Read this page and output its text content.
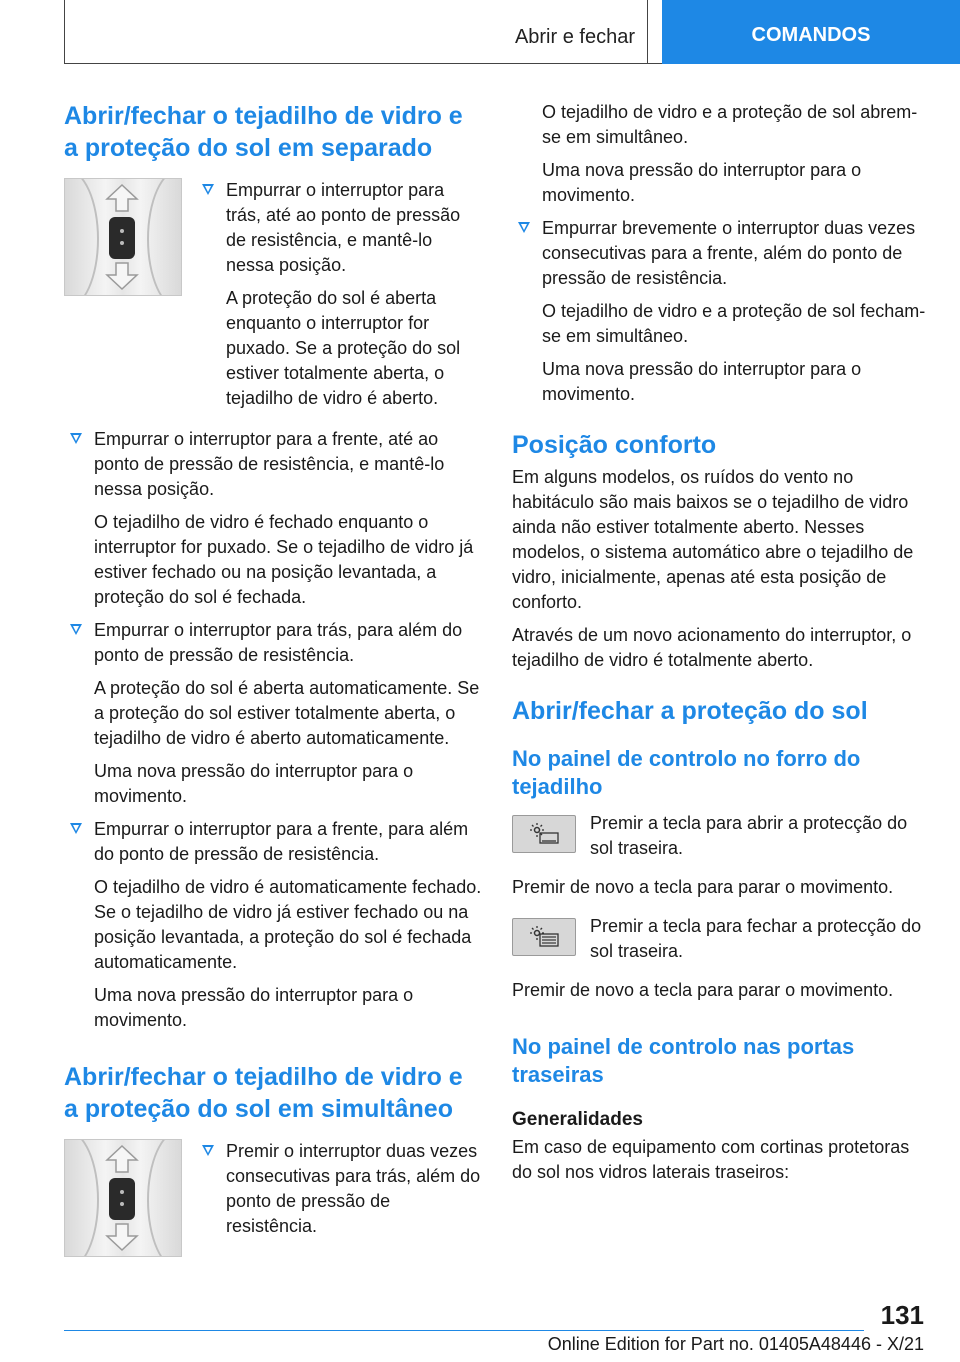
Abrir e fechar	COMANDOS
Abrir/fechar o tejadilho de vidro e a proteção do sol em separado

Empurrar o interruptor para trás, até ao ponto de pressão de resistência, e mantê-lo nessa posição.

A proteção do sol é aberta enquanto o interruptor for puxado. Se a proteção do sol estiver totalmente aberta, o tejadilho de vidro é aberto.

Empurrar o interruptor para a frente, até ao ponto de pressão de resistência, e mantê-lo nessa posição.

O tejadilho de vidro é fechado enquanto o interruptor for puxado. Se o tejadilho de vidro já estiver fechado ou na posição levantada, a proteção do sol é fechada.

Empurrar o interruptor para trás, para além do ponto de pressão de resistência.

A proteção do sol é aberta automaticamente. Se a proteção do sol estiver totalmente aberta, o tejadilho de vidro é aberto automaticamente.

Uma nova pressão do interruptor para o movimento.

Empurrar o interruptor para a frente, para além do ponto de pressão de resistência.

O tejadilho de vidro é automaticamente fechado. Se o tejadilho de vidro já estiver fechado ou na posição levantada, a proteção do sol é fechada automaticamente.

Uma nova pressão do interruptor para o movimento.

Abrir/fechar o tejadilho de vidro e a proteção do sol em simultâneo

Premir o interruptor duas vezes consecutivas para trás, além do ponto de pressão de resistência.

O tejadilho de vidro e a proteção de sol abrem-se em simultâneo.

Uma nova pressão do interruptor para o movimento.

Empurrar brevemente o interruptor duas vezes consecutivas para a frente, além do ponto de pressão de resistência.

O tejadilho de vidro e a proteção de sol fecham-se em simultâneo.

Uma nova pressão do interruptor para o movimento.

Posição conforto

Em alguns modelos, os ruídos do vento no habitáculo são mais baixos se o tejadilho de vidro ainda não estiver totalmente aberto. Nesses modelos, o sistema automático abre o tejadilho de vidro, inicialmente, apenas até esta posição de conforto.

Através de um novo acionamento do interruptor, o tejadilho de vidro é totalmente aberto.

Abrir/fechar a proteção do sol
No painel de controlo no forro do tejadilho

Premir a tecla para abrir a protecção do sol traseira.

Premir de novo a tecla para parar o movimento.

Premir a tecla para fechar a protecção do sol traseira.

Premir de novo a tecla para parar o movimento.

No painel de controlo nas portas traseiras
Generalidades

Em caso de equipamento com cortinas protetoras do sol nos vidros laterais traseiros:

131
Online Edition for Part no. 01405A48446 - X/21
